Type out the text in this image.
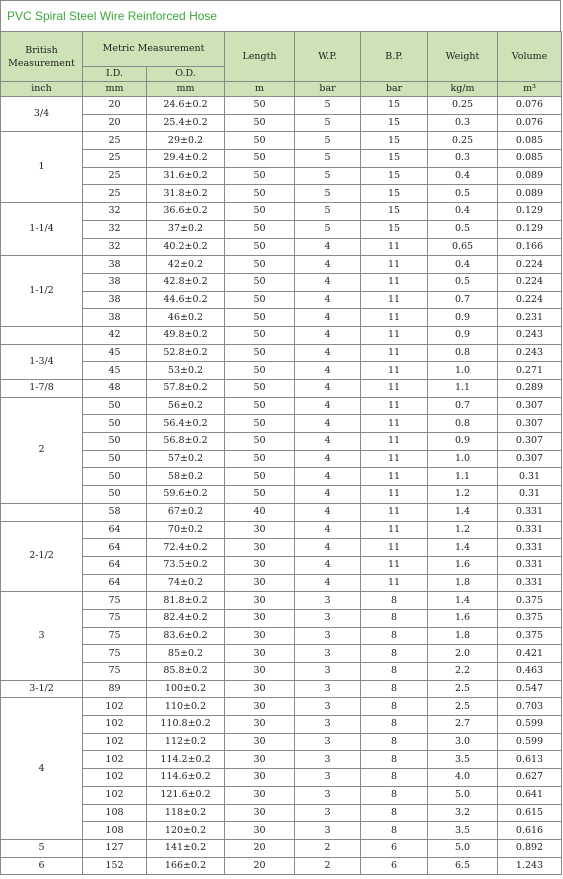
PVC Spiral Steel Wire Reinforced Hose
British Measurement	Metric Measurement		Length	W.P.	B.P.	Weight	Volume
	I.D.	O.D.					
inch	mm	mm	m	bar	bar	kg/m	m³
3/4	20	24.6±0.2	50	5	15	0.25	0.076
	20	25.4±0.2	50	5	15	0.3	0.076
1	25	29±0.2	50	5	15	0.25	0.085
	25	29.4±0.2	50	5	15	0.3	0.085
	25	31.6±0.2	50	5	15	0.4	0.089
	25	31.8±0.2	50	5	15	0.5	0.089
1-1/4	32	36.6±0.2	50	5	15	0.4	0.129
	32	37±0.2	50	5	15	0.5	0.129
	32	40.2±0.2	50	4	11	0.65	0.166
1-1/2	38	42±0.2	50	4	11	0.4	0.224
	38	42.8±0.2	50	4	11	0.5	0.224
	38	44.6±0.2	50	4	11	0.7	0.224
	38	46±0.2	50	4	11	0.9	0.231
	42	49.8±0.2	50	4	11	0.9	0.243
1-3/4	45	52.8±0.2	50	4	11	0.8	0.243
	45	53±0.2	50	4	11	1.0	0.271
1-7/8	48	57.8±0.2	50	4	11	1.1	0.289
2	50	56±0.2	50	4	11	0.7	0.307
	50	56.4±0.2	50	4	11	0.8	0.307
	50	56.8±0.2	50	4	11	0.9	0.307
	50	57±0.2	50	4	11	1.0	0.307
	50	58±0.2	50	4	11	1.1	0.31
	50	59.6±0.2	50	4	11	1.2	0.31
	58	67±0.2	40	4	11	1.4	0.331
2-1/2	64	70±0.2	30	4	11	1.2	0.331
	64	72.4±0.2	30	4	11	1.4	0.331
	64	73.5±0.2	30	4	11	1.6	0.331
	64	74±0.2	30	4	11	1.8	0.331
3	75	81.8±0.2	30	3	8	1.4	0.375
	75	82.4±0.2	30	3	8	1.6	0.375
	75	83.6±0.2	30	3	8	1.8	0.375
	75	85±0.2	30	3	8	2.0	0.421
	75	85.8±0.2	30	3	8	2.2	0.463
3-1/2	89	100±0.2	30	3	8	2.5	0.547
4	102	110±0.2	30	3	8	2.5	0.703
	102	110.8±0.2	30	3	8	2.7	0.599
	102	112±0.2	30	3	8	3.0	0.599
	102	114.2±0.2	30	3	8	3.5	0.613
	102	114.6±0.2	30	3	8	4.0	0.627
	102	121.6±0.2	30	3	8	5.0	0.641
	108	118±0.2	30	3	8	3.2	0.615
	108	120±0.2	30	3	8	3.5	0.616
5	127	141±0.2	20	2	6	5.0	0.892
6	152	166±0.2	20	2	6	6.5	1.243
